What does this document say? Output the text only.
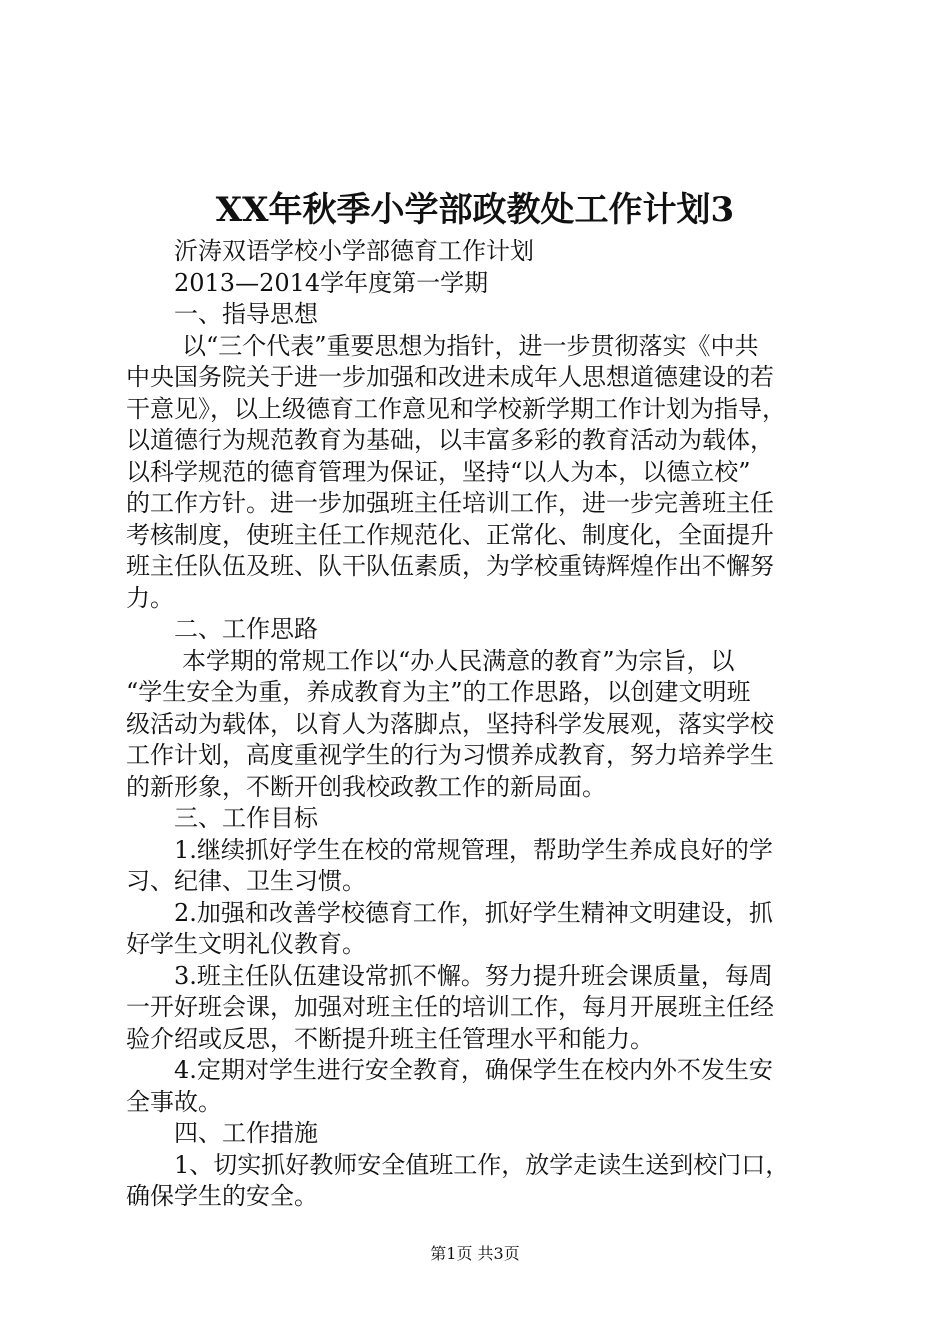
XX年秋季小学部政教处工作计划3

沂涛双语学校小学部德育工作计划

2013—2014学年度第一学期

一、指导思想

以“三个代表”重要思想为指针，进一步贯彻落实《中共

中央国务院关于进一步加强和改进未成年人思想道德建设的若

干意见》，以上级德育工作意见和学校新学期工作计划为指导，

以道德行为规范教育为基础，以丰富多彩的教育活动为载体，

以科学规范的德育管理为保证，坚持“以人为本，以德立校”

的工作方针。进一步加强班主任培训工作，进一步完善班主任

考核制度，使班主任工作规范化、正常化、制度化，全面提升

班主任队伍及班、队干队伍素质，为学校重铸辉煌作出不懈努

力。

二、工作思路

本学期的常规工作以“办人民满意的教育”为宗旨，以

“学生安全为重，养成教育为主”的工作思路，以创建文明班

级活动为载体，以育人为落脚点，坚持科学发展观，落实学校

工作计划，高度重视学生的行为习惯养成教育，努力培养学生

的新形象，不断开创我校政教工作的新局面。

三、工作目标

1.继续抓好学生在校的常规管理，帮助学生养成良好的学

习、纪律、卫生习惯。

2.加强和改善学校德育工作，抓好学生精神文明建设，抓

好学生文明礼仪教育。

3.班主任队伍建设常抓不懈。努力提升班会课质量，每周

一开好班会课，加强对班主任的培训工作，每月开展班主任经

验介绍或反思，不断提升班主任管理水平和能力。

4.定期对学生进行安全教育，确保学生在校内外不发生安

全事故。

四、工作措施

1、切实抓好教师安全值班工作，放学走读生送到校门口，

确保学生的安全。

第1页 共3页
